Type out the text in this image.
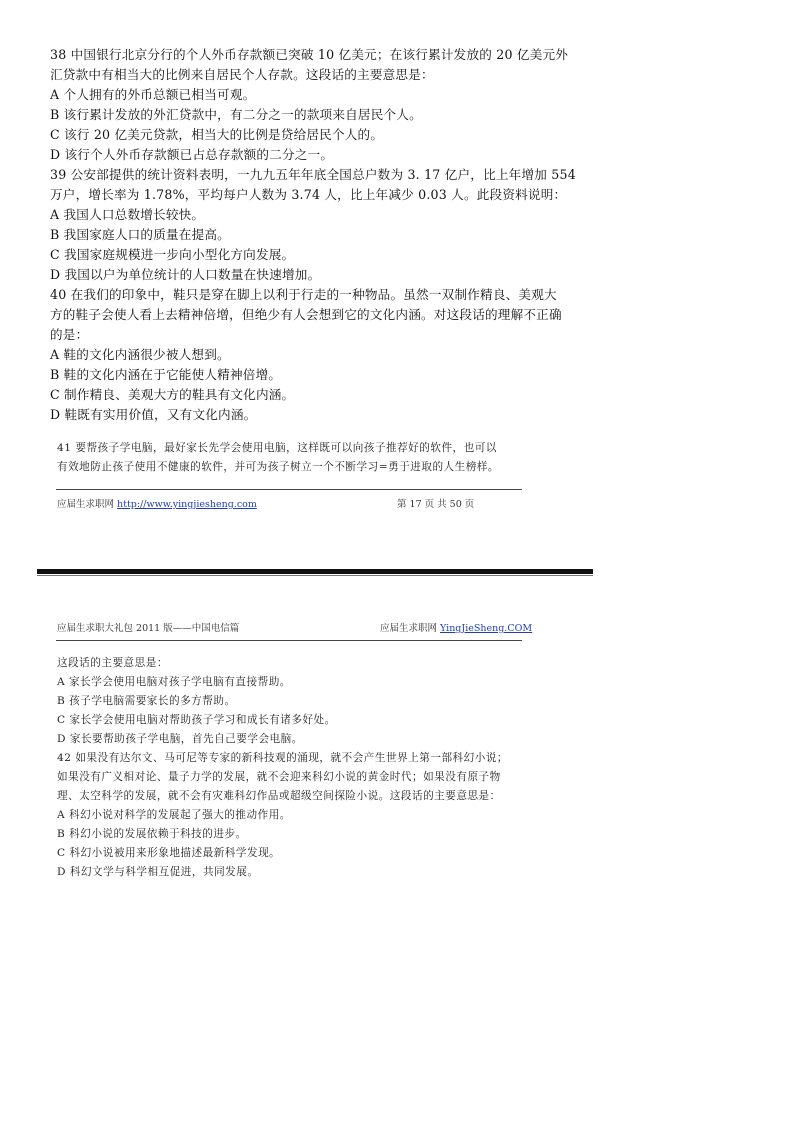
38 中国银行北京分行的个人外币存款额已突破 10 亿美元；在该行累计发放的 20 亿美元外
汇贷款中有相当大的比例来自居民个人存款。这段话的主要意思是：
A 个人拥有的外币总额已相当可观。
B 该行累计发放的外汇贷款中，有二分之一的款项来自居民个人。
C 该行 20 亿美元贷款，相当大的比例是贷给居民个人的。
D 该行个人外币存款额已占总存款额的二分之一。
39 公安部提供的统计资料表明，一九九五年年底全国总户数为 3. 17 亿户，比上年增加 554
万户，增长率为 1.78%，平均每户人数为 3.74 人，比上年减少 0.03 人。此段资料说明：
A 我国人口总数增长较快。
B 我国家庭人口的质量在提高。
C 我国家庭规模进一步向小型化方向发展。
D 我国以户为单位统计的人口数量在快速增加。
40 在我们的印象中，鞋只是穿在脚上以利于行走的一种物品。虽然一双制作精良、美观大
方的鞋子会使人看上去精神倍增，但绝少有人会想到它的文化内涵。对这段话的理解不正确
的是：
A 鞋的文化内涵很少被人想到。
B 鞋的文化内涵在于它能使人精神倍增。
C 制作精良、美观大方的鞋具有文化内涵。
D 鞋既有实用价值，又有文化内涵。
41 要帮孩子学电脑，最好家长先学会使用电脑，这样既可以向孩子推荐好的软件，也可以
有效地防止孩子使用不健康的软件，并可为孩子树立一个不断学习=勇于进取的人生榜样。
应届生求职网 http://www.yingjiesheng.com	第 17 页 共 50 页
应届生求职大礼包 2011 版——中国电信篇	应届生求职网 YingJieSheng.COM
这段话的主要意思是：
A 家长学会使用电脑对孩子学电脑有直接帮助。
B 孩子学电脑需要家长的多方帮助。
C 家长学会使用电脑对帮助孩子学习和成长有诸多好处。
D 家长要帮助孩子学电脑，首先自己要学会电脑。
42 如果没有达尔文、马可尼等专家的新科技观的涌现，就不会产生世界上第一部科幻小说；
如果没有广义相对论、量子力学的发展，就不会迎来科幻小说的黄金时代；如果没有原子物
理、太空科学的发展，就不会有灾难科幻作品或超级空间探险小说。这段话的主要意思是：
A 科幻小说对科学的发展起了强大的推动作用。
B 科幻小说的发展依赖于科技的进步。
C 科幻小说被用来形象地描述最新科学发现。
D 科幻文学与科学相互促进，共同发展。
